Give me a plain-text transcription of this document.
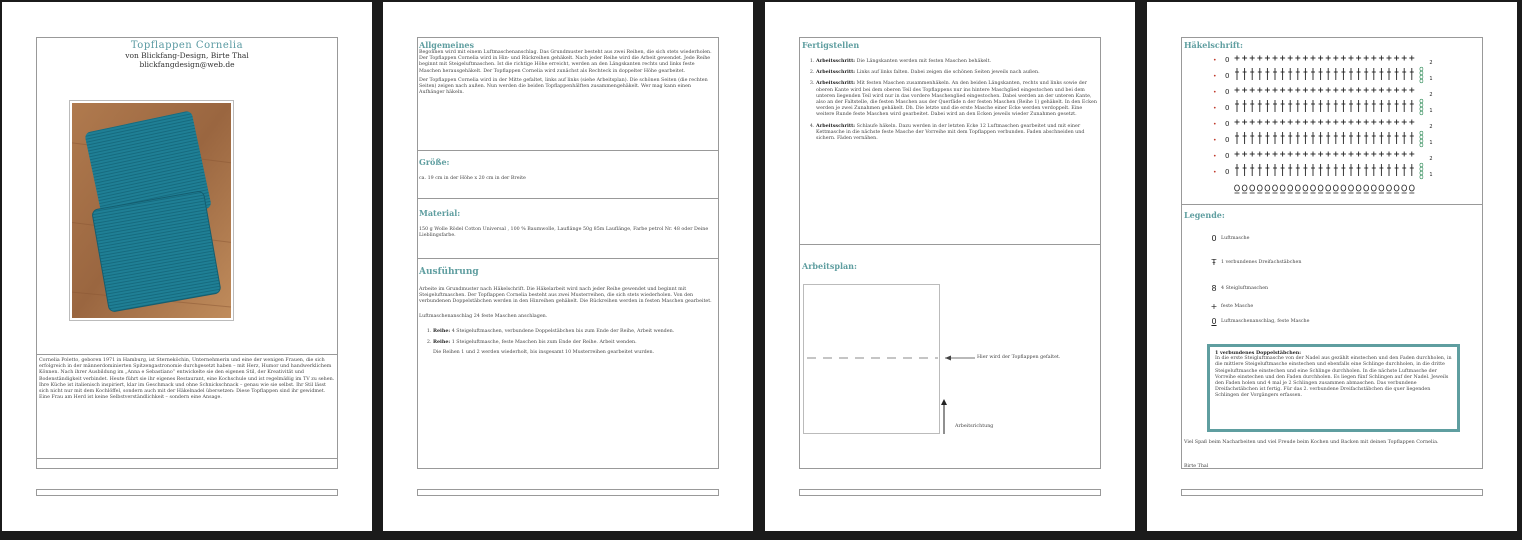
Topflappen Cornelia
von Blickfang-Design, Birte Thal
blickfangdesign@web.de
Cornelia Poletto, geboren 1971 in Hamburg, ist Sterneköchin, Unternehmerin und eine der wenigen Frauen, die sich erfolgreich in der männerdominierten Spitzengastronomie durchgesetzt haben – mit Herz, Humor und handwerklichem Können. Nach ihrer Ausbildung im „Anna e Sebastiano“ entwickelte sie den eigenen Stil, der Kreativität und Bodenständigkeit verbindet. Heute führt sie ihr eigenes Restaurant, eine Kochschule und ist regelmäßig im TV zu sehen. Ihre Küche ist italienisch inspiriert, klar im Geschmack und ohne Schnickschnack – genau wie sie selbst. Ihr Stil lässt sich nicht nur mit dem Kochlöffel, sondern auch mit der Häkelnadel übersetzen: Diese Topflappen sind ihr gewidmet. Eine Frau am Herd ist keine Selbstverständlichkeit – sondern eine Ansage.
Allgemeines
Begonnen wird mit einem Luftmaschenanschlag. Das Grundmuster besteht aus zwei Reihen, die sich stets wiederholen. Der Topflappen Cornelia wird in Hin- und Rückreihen gehäkelt. Nach jeder Reihe wird die Arbeit gewendet. Jede Reihe beginnt mit Steigeluftmaschen. Ist die richtige Höhe erreicht, werden an den Längskanten rechts und links feste Maschen herausgehäkelt. Der Topflappen Cornelia wird zunächst als Rechteck in doppelter Höhe gearbeitet.
Der Topflappen Cornelia wird in der Mitte gefaltet, links auf links (siehe Arbeitsplan). Die schönen Seiten (die rechten Seiten) zeigen nach außen. Nun werden die beiden Topflappenhälften zusammengehäkelt. Wer mag kann einen Aufhänger häkeln.
Größe:
ca. 19 cm in der Höhe x 20 cm in der Breite
Material:
150 g Wolle Rödel Cotton Universal , 100 % Baumwolle, Lauflänge 50g 85m Lauflänge, Farbe petrol Nr. 48 oder Deine Lieblingsfarbe.
Ausführung
Arbeite im Grundmuster nach Häkelschrift. Die Häkelarbeit wird nach jeder Reihe gewendet und beginnt mit Steigeluftmaschen. Der Topflappen Cornelia besteht aus zwei Musterreihen, die sich stets wiederholen. Von den verbundenen Doppelstäbchen werden in den Hinreihen gehäkelt. Die Rückreihen werden in festen Maschen gearbeitet.
Luftmaschenanschlag 24 feste Maschen anschlagen.
1. Reihe: 4 Steigeluftmaschen, verbundene Doppelstäbchen bis zum Ende der Reihe, Arbeit wenden.
2. Reihe: 1 Steigeluftmasche, feste Maschen bis zum Ende der Reihe. Arbeit wenden.
Die Reihen 1 und 2 werden wiederholt, bis insgesamt 10 Musterreihen gearbeitet wurden.
Fertigstellen
1. Arbeitsschritt: Die Längskanten werden mit festen Maschen behäkelt.
2. Arbeitsschritt: Links auf links falten. Dabei zeigen die schönen Seiten jeweils nach außen.
3. Arbeitsschritt: Mit festen Maschen zusammenhäkeln. An den beiden Längskanten, rechts und links sowie der oberen Kante wird bei dem oberen Teil des Topflappens nur ins hintere Maschglied eingestochen und bei dem unteren liegenden Teil wird nur in das vordere Maschenglied eingestochen. Dabei werden an der unteren Kante, also an der Faltstelle, die festen Maschen aus der Querfäde n der festen Maschen (Reihe 1) gehäkelt. In den Ecken werden je zwei Zunahmen gehäkelt. Dh. Die letzte und die erste Masche einer Ecke werden verdoppelt. Eine weitere Runde feste Maschen wird gearbeitet. Dabei wird an den Ecken jeweils wieder Zunahmen gesetzt.
4. Arbeitsschritt: Schlaufe häkeln. Dazu werden in der letzten Ecke 12 Luftmaschen gearbeitet und mit einer Kettmasche in die nächste feste Masche der Vorreihe mit dem Topflappen verbunden. Faden abschneiden und sichern. Fäden vernähen.
Arbeitsplan:
Hier wird der Topflappen gefaltet.
Arbeitsrichtung
Häkelschrift:
• 0	2
• 0	1
• 0	2
• 0	1
• 0	2
• 0	1
• 0	2
• 0	1
Legende:
0 Luftmasche
Ŧ 1 verbundenes Dreifachstäbchen
8 4 Steigluftmaschen
+ feste Masche
0 Luftmaschenanschlag, feste Masche
1 verbundenes Doppelstäbchen:
In die erste Steigluftmasche von der Nadel aus gezählt einstechen und den Faden durchholen, in die mittlere Steigeluftmasche einstechen und ebenfalls eine Schlinge durchholen, in die dritte Steigeluftmasche einstechen und eine Schlinge durchholen. In die nächste Luftmasche der Vorreihe einstechen und den Faden durchholen. Es liegen fünf Schlingen auf der Nadel. Jeweils den Faden holen und 4 mal je 2 Schlingen zusammen abmaschen. Das verbundene Dreifachstäbchen ist fertig. Für das 2. verbundene Dreifachstäbchen die quer liegenden Schlingen der Vorgängers erfassen.
Viel Spaß beim Nacharbeiten und viel Freude beim Kochen und Backen mit deinen Topflappen Cornelia.
Birte Thal
